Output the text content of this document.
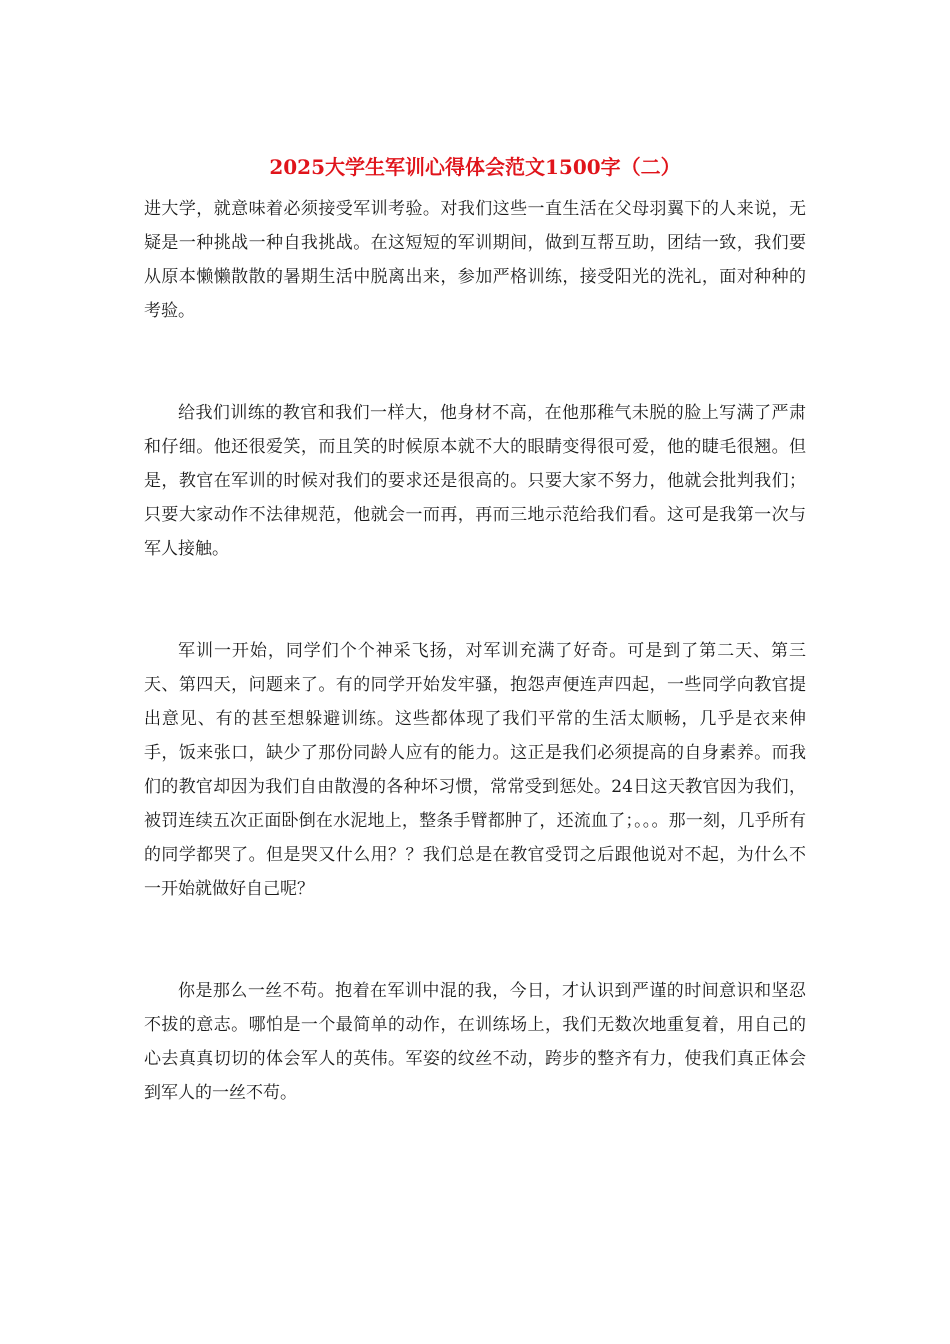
2025大学生军训心得体会范文1500字（二）

进大学，就意味着必须接受军训考验。对我们这些一直生活在父母羽翼下的人来说，无疑是一种挑战一种自我挑战。在这短短的军训期间，做到互帮互助，团结一致，我们要从原本懒懒散散的暑期生活中脱离出来，参加严格训练，接受阳光的洗礼，面对种种的考验。

给我们训练的教官和我们一样大，他身材不高，在他那稚气未脱的脸上写满了严肃和仔细。他还很爱笑，而且笑的时候原本就不大的眼睛变得很可爱，他的睫毛很翘。但是，教官在军训的时候对我们的要求还是很高的。只要大家不努力，他就会批判我们；只要大家动作不法律规范，他就会一而再，再而三地示范给我们看。这可是我第一次与军人接触。

军训一开始，同学们个个神采飞扬，对军训充满了好奇。可是到了第二天、第三天、第四天，问题来了。有的同学开始发牢骚，抱怨声便连声四起，一些同学向教官提出意见、有的甚至想躲避训练。这些都体现了我们平常的生活太顺畅，几乎是衣来伸手，饭来张口，缺少了那份同龄人应有的能力。这正是我们必须提高的自身素养。而我们的教官却因为我们自由散漫的各种坏习惯，常常受到惩处。24日这天教官因为我们，被罚连续五次正面卧倒在水泥地上，整条手臂都肿了，还流血了；。。。那一刻，几乎所有的同学都哭了。但是哭又什么用？？我们总是在教官受罚之后跟他说对不起，为什么不一开始就做好自己呢？

你是那么一丝不苟。抱着在军训中混的我，今日，才认识到严谨的时间意识和坚忍不拔的意志。哪怕是一个最简单的动作，在训练场上，我们无数次地重复着，用自己的心去真真切切的体会军人的英伟。军姿的纹丝不动，跨步的整齐有力，使我们真正体会到军人的一丝不苟。
